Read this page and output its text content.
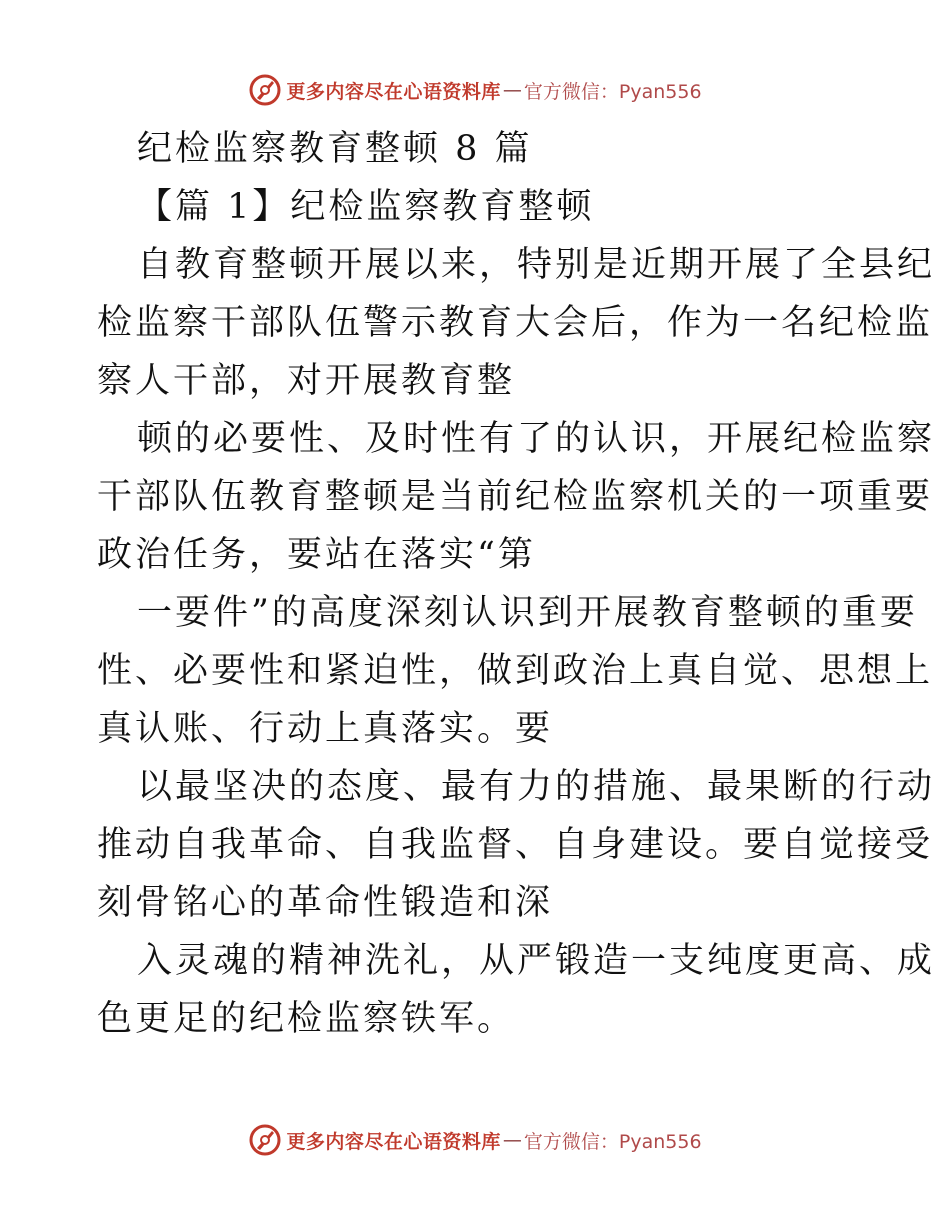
更多内容尽在心语资料库 — 官方微信：Pyan556
纪检监察教育整顿 8 篇
【篇 1】纪检监察教育整顿
自教育整顿开展以来，特别是近期开展了全县纪
检监察干部队伍警示教育大会后，作为一名纪检监
察人干部，对开展教育整
顿的必要性、及时性有了的认识，开展纪检监察
干部队伍教育整顿是当前纪检监察机关的一项重要
政治任务，要站在落实“第
一要件”的高度深刻认识到开展教育整顿的重要
性、必要性和紧迫性，做到政治上真自觉、思想上
真认账、行动上真落实。要
以最坚决的态度、最有力的措施、最果断的行动
推动自我革命、自我监督、自身建设。要自觉接受
刻骨铭心的革命性锻造和深
入灵魂的精神洗礼，从严锻造一支纯度更高、成
色更足的纪检监察铁军。
更多内容尽在心语资料库 — 官方微信：Pyan556
